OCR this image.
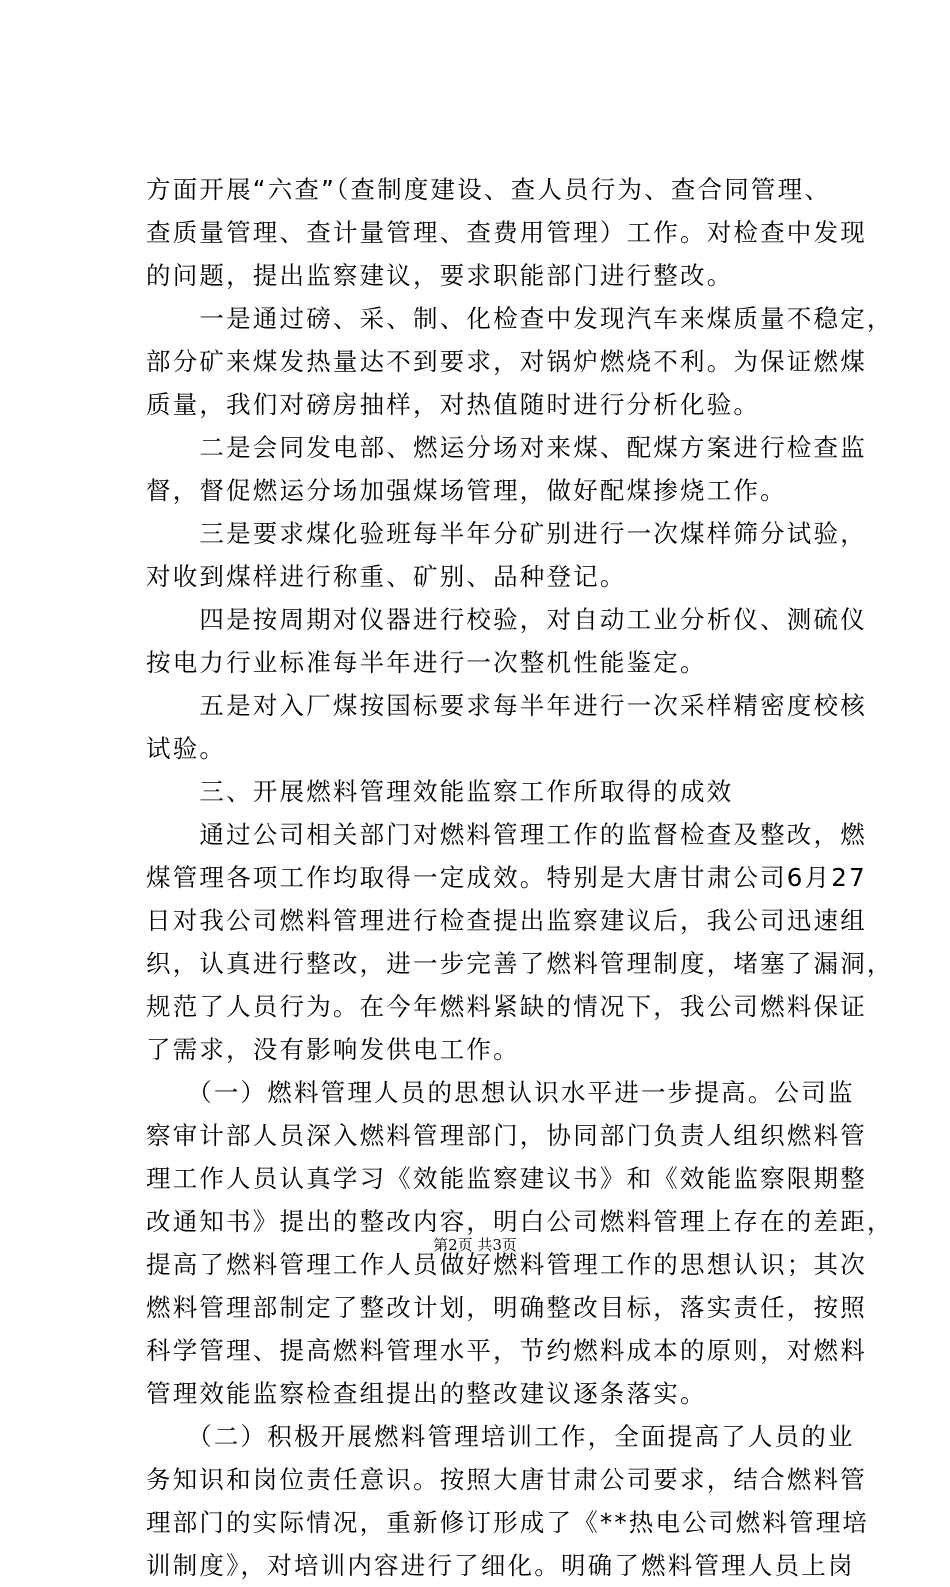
方面开展“六查”（查制度建设、查人员行为、查合同管理、
查质量管理、查计量管理、查费用管理）工作。对检查中发现
的问题，提出监察建议，要求职能部门进行整改。
　　一是通过磅、采、制、化检查中发现汽车来煤质量不稳定，
部分矿来煤发热量达不到要求，对锅炉燃烧不利。为保证燃煤
质量，我们对磅房抽样，对热值随时进行分析化验。
　　二是会同发电部、燃运分场对来煤、配煤方案进行检查监
督，督促燃运分场加强煤场管理，做好配煤掺烧工作。
　　三是要求煤化验班每半年分矿别进行一次煤样筛分试验，
对收到煤样进行称重、矿别、品种登记。
　　四是按周期对仪器进行校验，对自动工业分析仪、测硫仪
按电力行业标准每半年进行一次整机性能鉴定。
　　五是对入厂煤按国标要求每半年进行一次采样精密度校核
试验。
　　三、开展燃料管理效能监察工作所取得的成效
　　通过公司相关部门对燃料管理工作的监督检查及整改，燃
煤管理各项工作均取得一定成效。特别是大唐甘肃公司6月27
日对我公司燃料管理进行检查提出监察建议后，我公司迅速组
织，认真进行整改，进一步完善了燃料管理制度，堵塞了漏洞，
规范了人员行为。在今年燃料紧缺的情况下，我公司燃料保证
了需求，没有影响发供电工作。
　　（一）燃料管理人员的思想认识水平进一步提高。公司监
察审计部人员深入燃料管理部门，协同部门负责人组织燃料管
理工作人员认真学习《效能监察建议书》和《效能监察限期整
改通知书》提出的整改内容，明白公司燃料管理上存在的差距，
提高了燃料管理工作人员做好燃料管理工作的思想认识；其次
燃料管理部制定了整改计划，明确整改目标，落实责任，按照
科学管理、提高燃料管理水平，节约燃料成本的原则，对燃料
管理效能监察检查组提出的整改建议逐条落实。
　　（二）积极开展燃料管理培训工作，全面提高了人员的业
务知识和岗位责任意识。按照大唐甘肃公司要求，结合燃料管
理部门的实际情况，重新修订形成了《**热电公司燃料管理培
训制度》，对培训内容进行了细化。明确了燃料管理人员上岗
第2页 共3页
